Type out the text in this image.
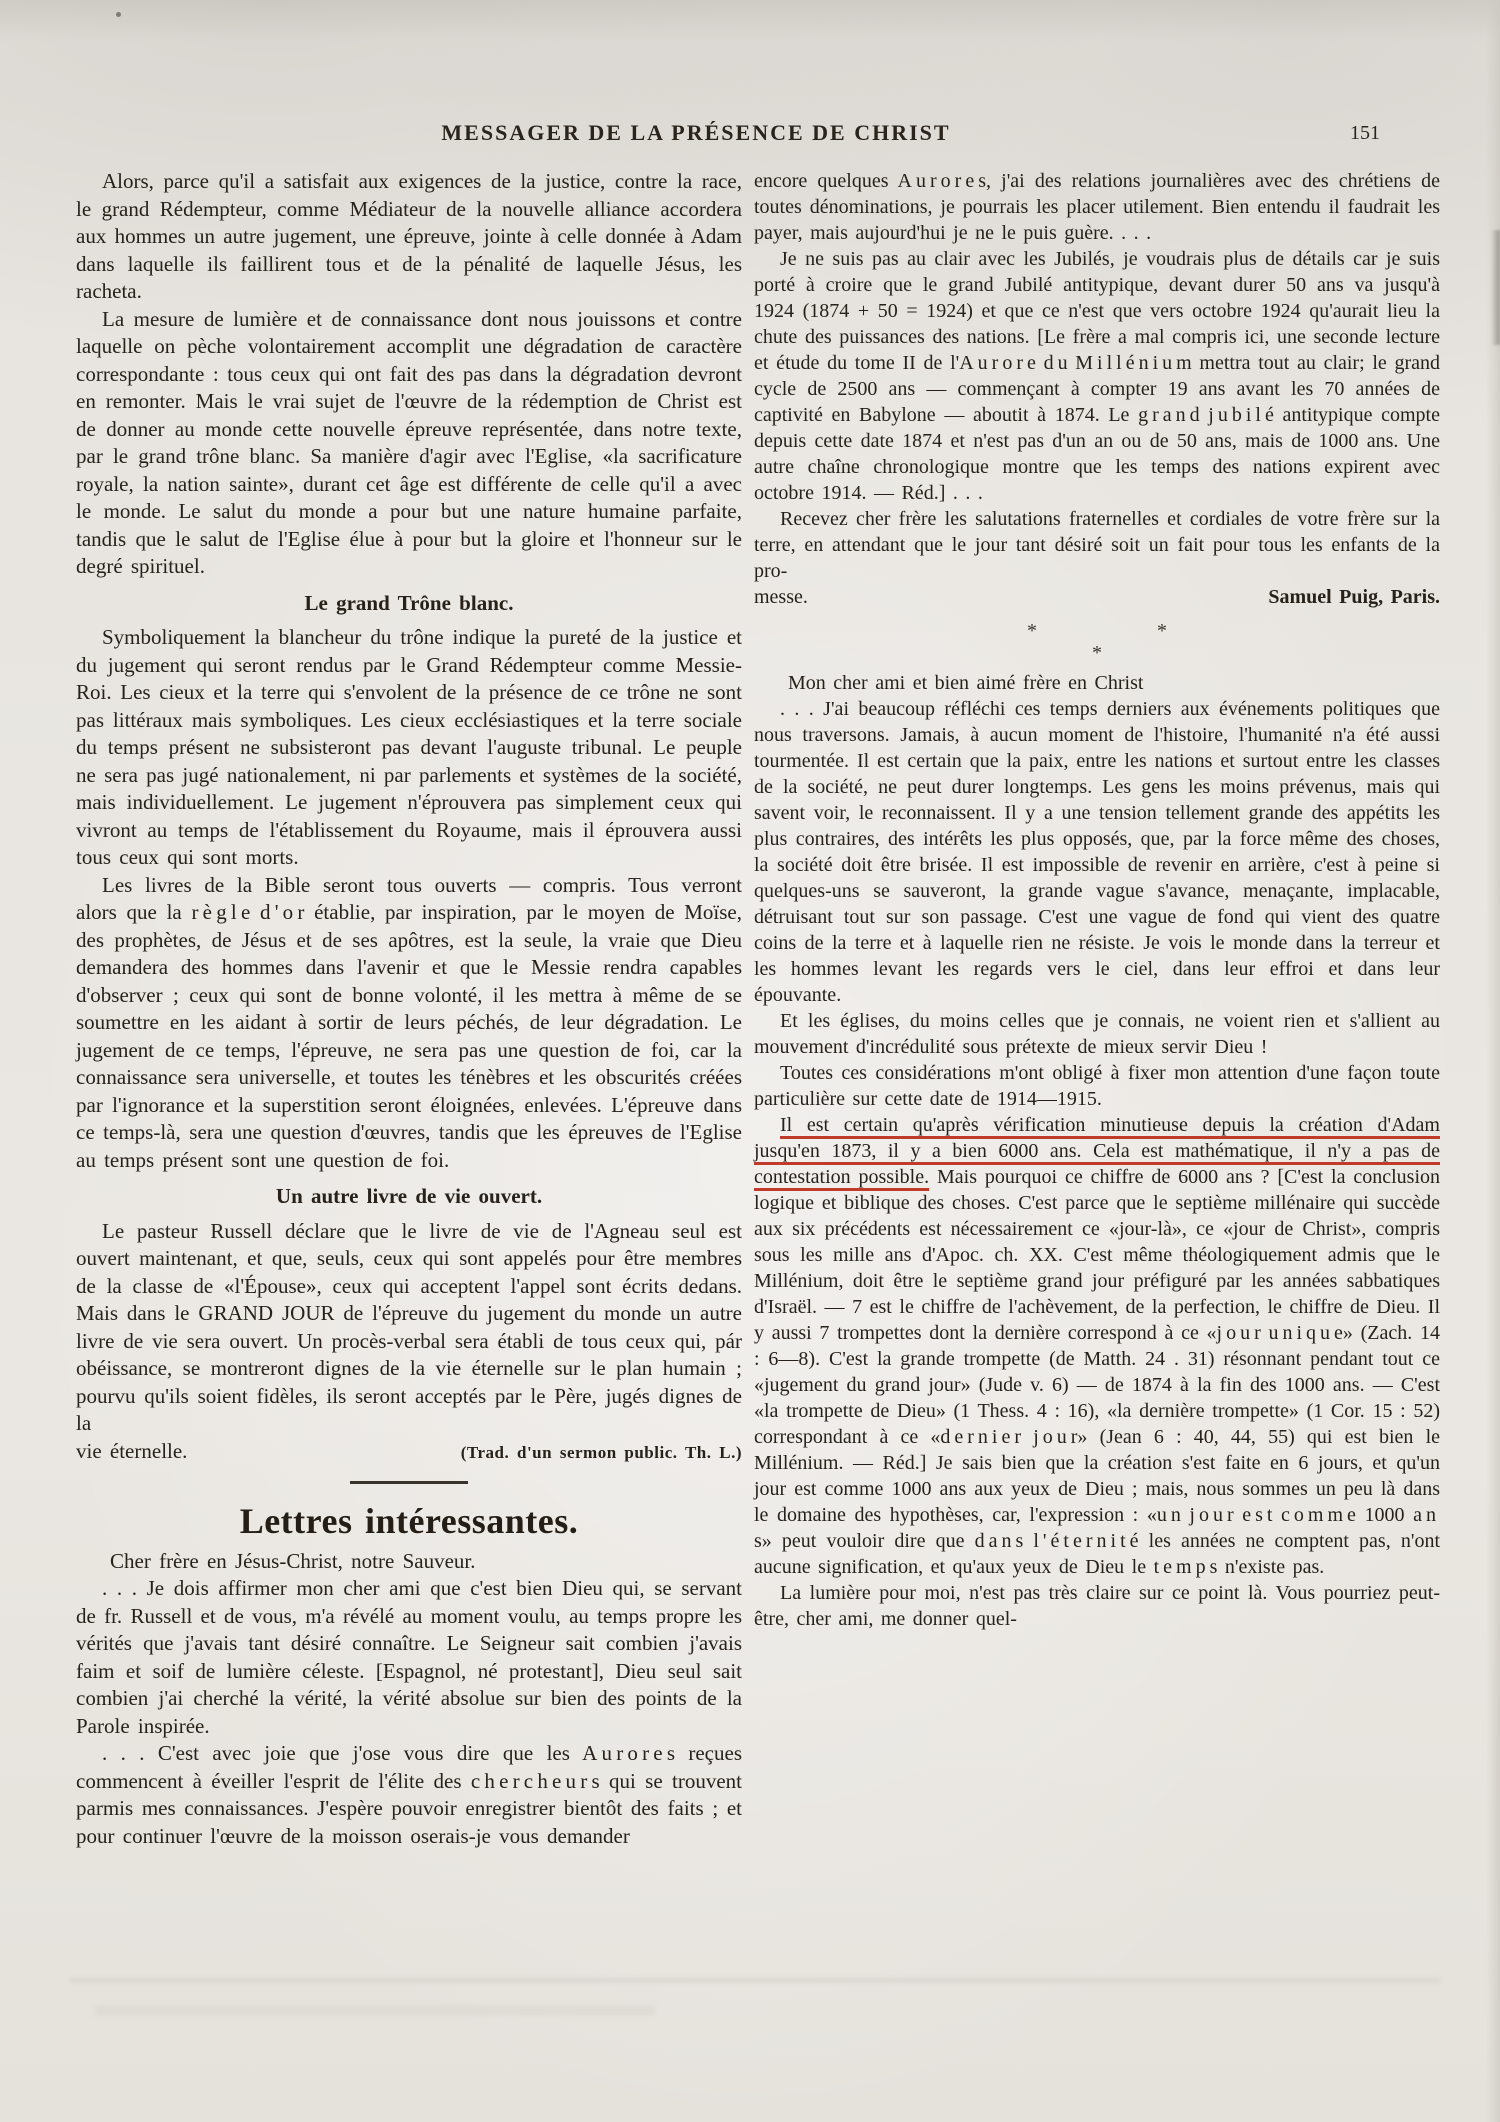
MESSAGER DE LA PRÉSENCE DE CHRIST	151

Alors, parce qu'il a satisfait aux exigences de la justice, contre la race, le grand Rédempteur, comme Médiateur de la nouvelle alliance accordera aux hommes un autre jugement, une épreuve, jointe à celle donnée à Adam dans laquelle ils faillirent tous et de la pénalité de laquelle Jésus, les racheta.

La mesure de lumière et de connaissance dont nous jouissons et contre laquelle on pèche volontairement accomplit une dégradation de caractère correspondante : tous ceux qui ont fait des pas dans la dégradation devront en remonter. Mais le vrai sujet de l'œuvre de la rédemption de Christ est de donner au monde cette nouvelle épreuve représentée, dans notre texte, par le grand trône blanc. Sa manière d'agir avec l'Eglise, «la sacrificature royale, la nation sainte», durant cet âge est différente de celle qu'il a avec le monde. Le salut du monde a pour but une nature humaine parfaite, tandis que le salut de l'Eglise élue à pour but la gloire et l'honneur sur le degré spirituel.

Le grand Trône blanc.

Symboliquement la blancheur du trône indique la pureté de la justice et du jugement qui seront rendus par le Grand Rédempteur comme Messie-Roi. Les cieux et la terre qui s'envolent de la présence de ce trône ne sont pas littéraux mais symboliques. Les cieux ecclésiastiques et la terre sociale du temps présent ne subsisteront pas devant l'auguste tribunal. Le peuple ne sera pas jugé nationalement, ni par parlements et systèmes de la société, mais individuellement. Le jugement n'éprouvera pas simplement ceux qui vivront au temps de l'établissement du Royaume, mais il éprouvera aussi tous ceux qui sont morts.

Les livres de la Bible seront tous ouverts — compris. Tous verront alors que la r è g l e d ' o r établie, par inspiration, par le moyen de Moïse, des prophètes, de Jésus et de ses apôtres, est la seule, la vraie que Dieu demandera des hommes dans l'avenir et que le Messie rendra capables d'observer ; ceux qui sont de bonne volonté, il les mettra à même de se soumettre en les aidant à sortir de leurs péchés, de leur dégradation. Le jugement de ce temps, l'épreuve, ne sera pas une question de foi, car la connaissance sera universelle, et toutes les ténèbres et les obscurités créées par l'ignorance et la superstition seront éloignées, enlevées. L'épreuve dans ce temps-là, sera une question d'œuvres, tandis que les épreuves de l'Eglise au temps présent sont une question de foi.

Un autre livre de vie ouvert.

Le pasteur Russell déclare que le livre de vie de l'Agneau seul est ouvert maintenant, et que, seuls, ceux qui sont appelés pour être membres de la classe de «l'Épouse», ceux qui acceptent l'appel sont écrits dedans. Mais dans le GRAND JOUR de l'épreuve du jugement du monde un autre livre de vie sera ouvert. Un procès-verbal sera établi de tous ceux qui, pár obéissance, se montreront dignes de la vie éternelle sur le plan humain ; pourvu qu'ils soient fidèles, ils seront acceptés par le Père, jugés dignes de la

vie éternelle.	(Trad. d'un sermon public. Th. L.)
Lettres intéressantes.

Cher frère en Jésus-Christ, notre Sauveur.

. . . Je dois affirmer mon cher ami que c'est bien Dieu qui, se servant de fr. Russell et de vous, m'a révélé au moment voulu, au temps propre les vérités que j'avais tant désiré connaître. Le Seigneur sait combien j'avais faim et soif de lumière céleste. [Espagnol, né protestant], Dieu seul sait combien j'ai cherché la vérité, la vérité absolue sur bien des points de la Parole inspirée.

. . . C'est avec joie que j'ose vous dire que les A u r o r e s reçues commencent à éveiller l'esprit de l'élite des c h e r c h e u r s qui se trouvent parmis mes connaissances. J'espère pouvoir enregistrer bientôt des faits ; et pour continuer l'œuvre de la moisson oserais-je vous demander

encore quelques A u r o r e s, j'ai des relations journalières avec des chrétiens de toutes dénominations, je pourrais les placer utilement. Bien entendu il faudrait les payer, mais aujourd'hui je ne le puis guère. . . .

Je ne suis pas au clair avec les Jubilés, je voudrais plus de détails car je suis porté à croire que le grand Jubilé antitypique, devant durer 50 ans va jusqu'à 1924 (1874 + 50 = 1924) et que ce n'est que vers octobre 1924 qu'aurait lieu la chute des puissances des nations. [Le frère a mal compris ici, une seconde lecture et étude du tome II de l'A u r o r e d u M i l l é n i u m mettra tout au clair; le grand cycle de 2500 ans — commençant à compter 19 ans avant les 70 années de captivité en Babylone — aboutit à 1874. Le g r a n d j u b i l é antitypique compte depuis cette date 1874 et n'est pas d'un an ou de 50 ans, mais de 1000 ans. Une autre chaîne chronologique montre que les temps des nations expirent avec octobre 1914. — Réd.] . . .

Recevez cher frère les salutations fraternelles et cordiales de votre frère sur la terre, en attendant que le jour tant désiré soit un fait pour tous les enfants de la pro-

messe.	Samuel Puig, Paris.
*      *
*

Mon cher ami et bien aimé frère en Christ

. . . J'ai beaucoup réfléchi ces temps derniers aux événements politiques que nous traversons. Jamais, à aucun moment de l'histoire, l'humanité n'a été aussi tourmentée. Il est certain que la paix, entre les nations et surtout entre les classes de la société, ne peut durer longtemps. Les gens les moins prévenus, mais qui savent voir, le reconnaissent. Il y a une tension tellement grande des appétits les plus contraires, des intérêts les plus opposés, que, par la force même des choses, la société doit être brisée. Il est impossible de revenir en arrière, c'est à peine si quelques-uns se sauveront, la grande vague s'avance, menaçante, implacable, détruisant tout sur son passage. C'est une vague de fond qui vient des quatre coins de la terre et à laquelle rien ne résiste. Je vois le monde dans la terreur et les hommes levant les regards vers le ciel, dans leur effroi et dans leur épouvante.

Et les églises, du moins celles que je connais, ne voient rien et s'allient au mouvement d'incrédulité sous prétexte de mieux servir Dieu !

Toutes ces considérations m'ont obligé à fixer mon attention d'une façon toute particulière sur cette date de 1914—1915.

Il est certain qu'après vérification minutieuse depuis la création d'Adam jusqu'en 1873, il y a bien 6000 ans. Cela est mathématique, il n'y a pas de contestation possible. Mais pourquoi ce chiffre de 6000 ans ? [C'est la conclusion logique et biblique des choses. C'est parce que le septième millénaire qui succède aux six précédents est nécessairement ce «jour-là», ce «jour de Christ», compris sous les mille ans d'Apoc. ch. XX. C'est même théologiquement admis que le Millénium, doit être le septième grand jour préfiguré par les années sabbatiques d'Israël. — 7 est le chiffre de l'achèvement, de la perfection, le chiffre de Dieu. Il y aussi 7 trompettes dont la dernière correspond à ce «j o u r u n i q u e» (Zach. 14 : 6—8). C'est la grande trompette (de Matth. 24 . 31) résonnant pendant tout ce «jugement du grand jour» (Jude v. 6) — de 1874 à la fin des 1000 ans. — C'est «la trompette de Dieu» (1 Thess. 4 : 16), «la dernière trompette» (1 Cor. 15 : 52) correspondant à ce «d e r n i e r j o u r» (Jean 6 : 40, 44, 55) qui est bien le Millénium. — Réd.] Je sais bien que la création s'est faite en 6 jours, et qu'un jour est comme 1000 ans aux yeux de Dieu ; mais, nous sommes un peu là dans le domaine des hypothèses, car, l'expression : «u n j o u r e s t c o m m e 1000 a n s» peut vouloir dire que d a n s l ' é t e r n i t é les années ne comptent pas, n'ont aucune signification, et qu'aux yeux de Dieu le t e m p s n'existe pas.

La lumière pour moi, n'est pas très claire sur ce point là. Vous pourriez peut-être, cher ami, me donner quel-
